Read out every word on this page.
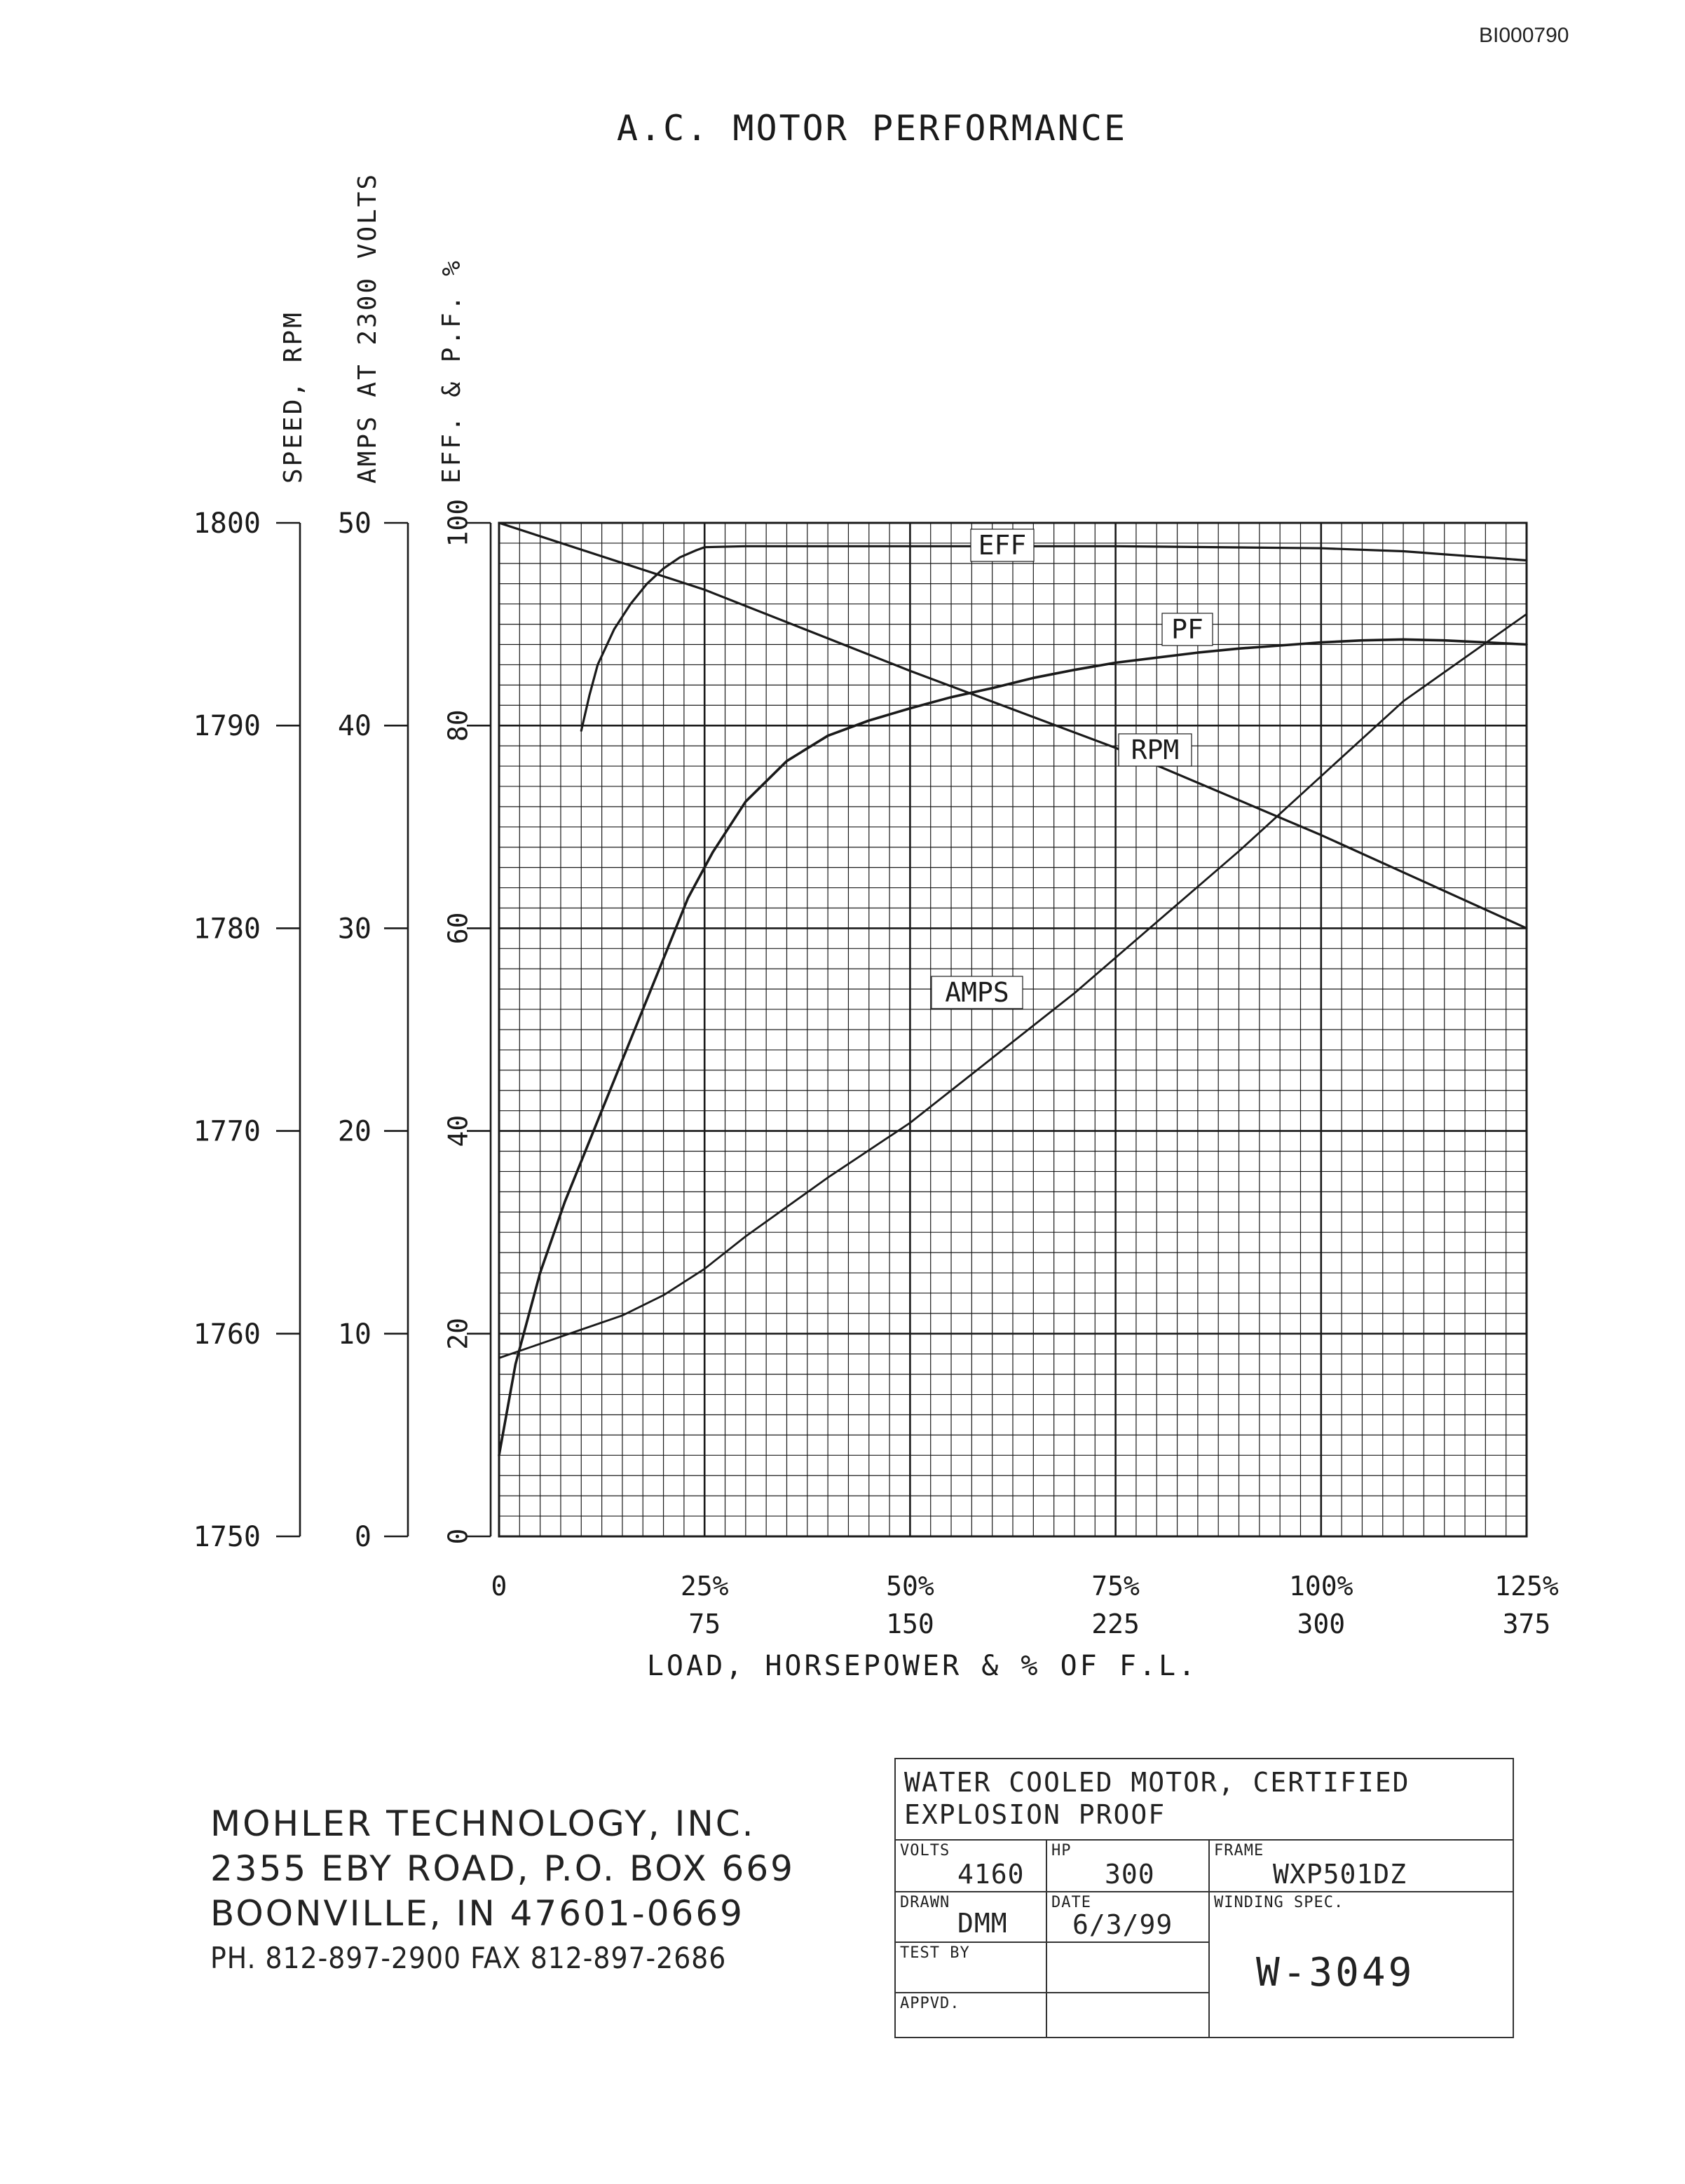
BI000790
A.C. MOTOR PERFORMANCE
0	25%
75
50%
150
75%
225
100%
300
125%
375
LOAD, HORSEPOWER & % OF F.L.
1750
1760
1770
1780
1790
1800
SPEED, RPM
0
10
20
30
40
50
AMPS AT 2300 VOLTS
0
20
40
60
80
100
EFF. & P.F. %
EFF
PF
RPM
AMPS
MOHLER TECHNOLOGY, INC.
2355 EBY ROAD, P.O. BOX 669
BOONVILLE, IN 47601-0669
PH. 812-897-2900 FAX 812-897-2686
WATER COOLED MOTOR, CERTIFIED EXPLOSION PROOF
VOLTS
4160
HP
300
FRAME
WXP501DZ
DRAWN
DMM
DATE
6/3/99
WINDING SPEC.
W-3049
TEST BY
APPVD.
